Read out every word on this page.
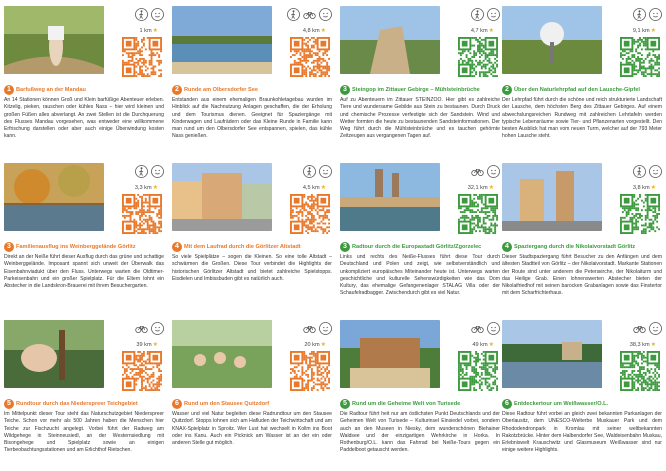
1 km★
1 Barfußweg an der Mandau
An 14 Stationen können Groß und Klein barfüßige Abenteuer erleben. Kitzelig, pieken, rauschen oder kühles Nass – hier wird kleinen und großen Füßen alles abverlangt. An zwei Stellen ist die Durchquerung des Flusses Mandau vorgesehen, was entweder eine willkommene Erfrischung darstellen oder aber auch einige Überwindung kosten kann.
3,3 km★
3 Familienausflug ins Weinberggelände Görlitz
Direkt an der Neiße führt dieser Ausflug durch das grüne und schattige Weinberggelände. Imposant spannt sich unweit der Überwalk das Eisenbahnviadukt über den Fluss. Unterwegs warten die Oldtimer-Parkeisenbahn und ein großer Spielplatz. Für die Eltern lohnt ein Abstecher in die Landskron-Brauerei mit ihrem Besuchergarten.
39 km★
5 Rundtour durch das Niederspreer Teichgebiet
Im Mittelpunkt dieser Tour steht das Naturschutzgebiet Niederspreer Teiche. Schon vor mehr als 500 Jahren haben die Menschen hier Teiche zur Fischzucht angelegt. Vorbei führt der Radweg am Wildgehege in Steinneusiedl, an der Westernsiedlung mit Bisongehege und Spielplatz sowie an einigen Tierbeobachtungsstationen und am Erlichthof Rietschen.
4,8 km★
2 Runde am Olbersdorfer See
Entstanden aus einem ehemaligen Braunkohletagebau wurden im Hinblick auf die Nachnutzung Anlagen geschaffen, die der Erholung und dem Tourismus dienen. Geeignet für Spaziergänge mit Kinderwagen und Laufrädern oder das Kleine Runde in Familie kann man rund um den Olbersdorfer See entspannen, spielen, das kühle Nass genießen.
4,5 km★
4 Mit dem Laufrad durch die Görlitzer Altstadt
So viele Spielplätze – sogen die Kleinen. So eine tolle Altstadt – schwärmen die Großen. Diese Tour verbindet die Highlights der historischen Görlitzer Altstadt und bietet zahlreiche Spielstopps. Eisdielen und Imbissbuden gibt es natürlich auch.
20 km★
6 Rund um den Stausee Quitzdorf
Wasser und viel Natur begleiten diese Radrundtour um den Stausee Quitzdorf. Stopps lohnen sich am Hafluden der Teichwirtschaft und am KNAX-Spielplatz in Sproitz. Wer Lust hat wechselt in Kollm ins Boot oder ins Kanu. Auch ein Picknick am Wasser ist an der ein oder anderen Stelle gut möglich.
4,7 km★
3 Steingop im Zittauer Gebirge – Mühlsteinbrüche
Auf zu Abenteuern im Zittauer STEINZOO. Hier gibt es zahlreiche Tiere und wundersame Gebilde aus Stein zu bestaunen. Durch Druck und chemische Prozesse verfestigte sich der Sandstein. Wind und Wetter formten die heute zu bestaunenden Sandsteinformationen. Der Weg führt durch die Mühlsteinbrüche und es tauchen gehörnte Zeitzeugen aus vergangenen Tagen auf.
32,1 km★
3 Radtour durch die Europastadt Görlitz/Zgorzelec
Links und rechts des Neiße-Flusses führt diese Tour durch Deutschland und Polen und zeigt, wie selbstverständlich und unkompliziert europäisches Miteinander heute ist. Unterwegs warten geschichtliche und kulturelle Sehenswürdigkeiten wie das Dom Kultury, das ehemalige Gefangenenlager STALAG Villa oder der Schaufelradbagger. Zwischendurch gibt es viel Natur.
49 km★
5 Rund um die Geheime Welt von Turisede
Die Radtour führt heit nur am östlichsten Punkt Deutschlands und der Geheimen Welt von Turisede – Kulturinsel Einsiedel vorbei, sondern auch an den Museen in Niesky, dem wunderschönen Biehainer Waldsee und der einzigartigen Wehrkirche in Horka. In Rothenburg/O.L. kann das Fahrrad bei Neiße-Tours gegen ein Paddelboot getauscht werden.
9,1 km★
2 Über den Naturlehrpfad auf den Lausche-Gipfel
Der Lehrpfad führt durch die schöne und reich strukturierte Landschaft der Lausche, dem höchsten Berg des Zittauer Gebirges. Auf einem abwechslungsreichen Rundweg mit zahlreichen Lehrtafeln werden typische Lebensräume sowie Tier- und Pflanzenarten vorgestellt. Den besten Ausblick hat man vom neuen Turm, welcher auf der 793 Meter hohen Lausche steht.
3,8 km★
4 Spaziergang durch die Nikolaivorstadt Görlitz
Dieser Stadtspaziergang führt Besucher zu den Anfängen und dem ältesten Stadtteil von Görlitz – der Nikolaivorstadt. Markante Stationen der Route sind unter anderem die Petersкirche, der Nikolaiturm und das Heilige Grab. Einen lohnenswerten Abstecher bieten der Nikolaifriedhof mit seinen barocken Grabanlagen sowie das Finstertor mit dem Scharfrichterhaus.
38,3 km★
6 Entdeckertour um Weißwasser/O.L.
Diese Radtour führt vorbei an gleich zwei bekannten Parkanlagen der Oberlausitz, dem UNESCO-Welterbe Muskauer Park und dem Rhododendronpark in Kromlau mit seiner weltbekannten Rakotzbrücke. Hinter dem Halbendorfer See, Waldeisenbahn Muskau, Erlebniswelt Krauschwitz und Glasmuseum Weißwasser sind nur einige weitere Highlights.
